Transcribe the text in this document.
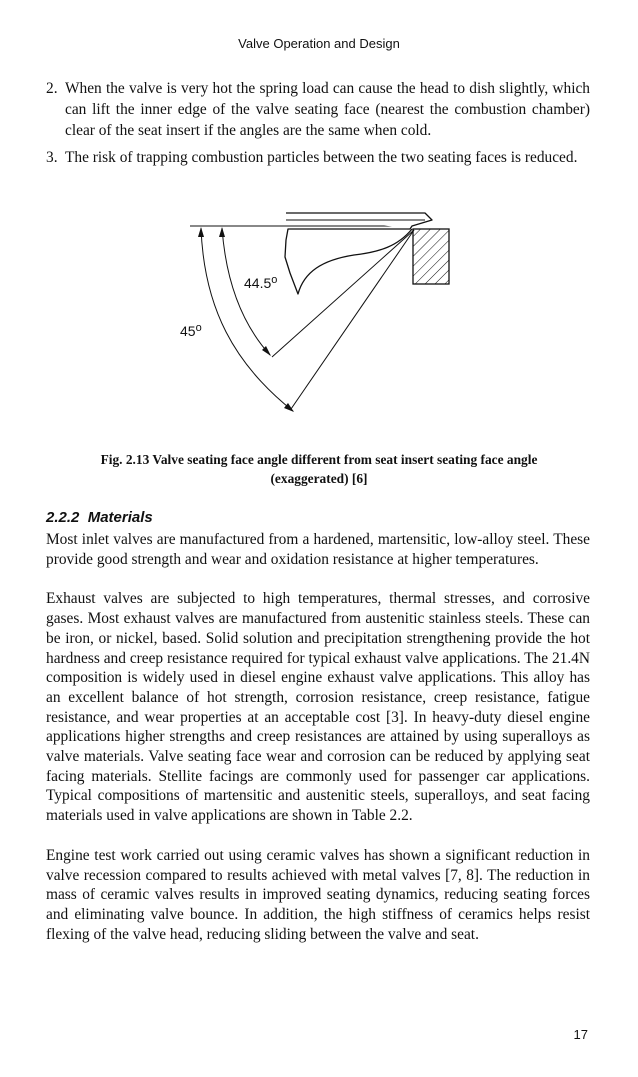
Valve Operation and Design
2. When the valve is very hot the spring load can cause the head to dish slightly, which can lift the inner edge of the valve seating face (nearest the combustion chamber) clear of the seat insert if the angles are the same when cold.
3. The risk of trapping combustion particles between the two seating faces is reduced.
44.5$^o$
45$^o$
Fig. 2.13 Valve seating face angle different from seat insert seating face angle
(exaggerated) [6]
2.2.2 Materials

Most inlet valves are manufactured from a hardened, martensitic, low-alloy steel. These provide good strength and wear and oxidation resistance at higher temperatures.

Exhaust valves are subjected to high temperatures, thermal stresses, and corrosive gases. Most exhaust valves are manufactured from austenitic stainless steels. These can be iron, or nickel, based. Solid solution and precipitation strengthening provide the hot hardness and creep resistance required for typical exhaust valve applications. The 21.4N composition is widely used in diesel engine exhaust valve applications. This alloy has an excellent balance of hot strength, corrosion resistance, creep resistance, fatigue resistance, and wear properties at an acceptable cost [3]. In heavy-duty diesel engine applications higher strengths and creep resistances are attained by using superalloys as valve materials. Valve seating face wear and corrosion can be reduced by applying seat facing materials. Stellite facings are commonly used for passenger car applications. Typical compositions of martensitic and austenitic steels, superalloys, and seat facing materials used in valve applications are shown in Table 2.2.

Engine test work carried out using ceramic valves has shown a significant reduction in valve recession compared to results achieved with metal valves [7, 8]. The reduction in mass of ceramic valves results in improved seating dynamics, reducing seating forces and eliminating valve bounce. In addition, the high stiffness of ceramics helps resist flexing of the valve head, reducing sliding between the valve and seat.

17
